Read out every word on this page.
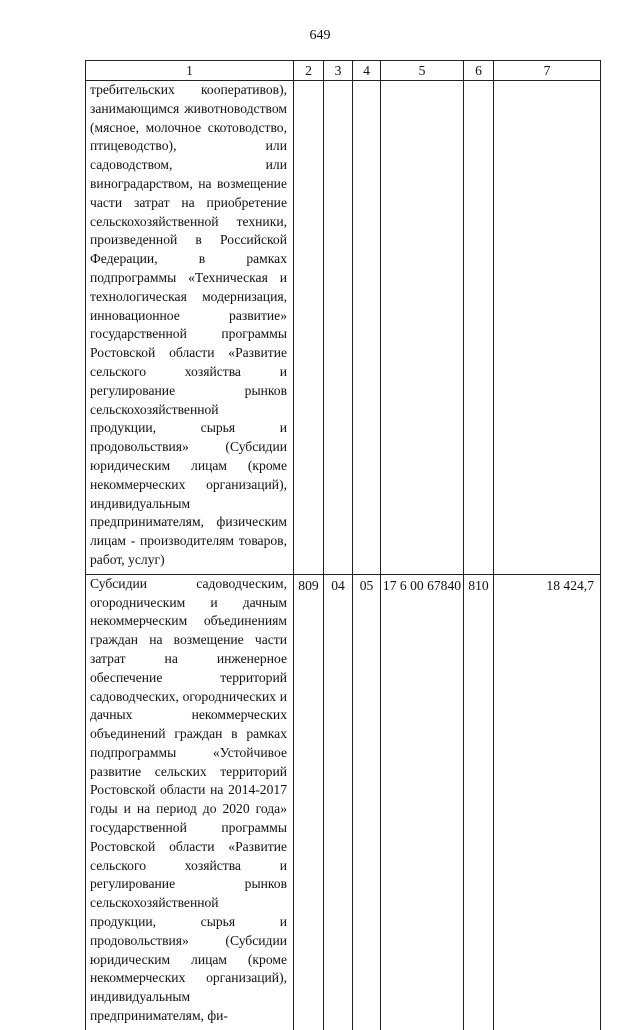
649
1	2	3	4	5	6	7
требительских кооперативов), занимающимся животноводством (мясное, молочное скотоводство, птицеводство), или садоводством, или виноградарством, на возмещение части затрат на приобретение сельскохозяйственной техники, произведенной в Российской Федерации, в рамках подпрограммы «Техническая и технологическая модернизация, инновационное развитие» государственной программы Ростовской области «Развитие сельского хозяйства и регулирование рынков сельскохозяйственной продукции, сырья и продовольствия» (Субсидии юридическим лицам (кроме некоммерческих организаций), индивидуальным предпринимателям, физическим лицам - производителям товаров, работ, услуг)						
Субсидии садоводческим, огородническим и дачным некоммерческим объединениям граждан на возмещение части затрат на инженерное обеспечение территорий садоводческих, огороднических и дачных некоммерческих объединений граждан в рамках подпрограммы «Устойчивое развитие сельских территорий Ростовской области на 2014-2017 годы и на период до 2020 года» государственной программы Ростовской области «Развитие сельского хозяйства и регулирование рынков сельскохозяйственной продукции, сырья и продовольствия» (Субсидии юридическим лицам (кроме некоммерческих организаций), индивидуальным предпринимателям, фи-	809	04	05	17 6 00 67840	810	18 424,7
